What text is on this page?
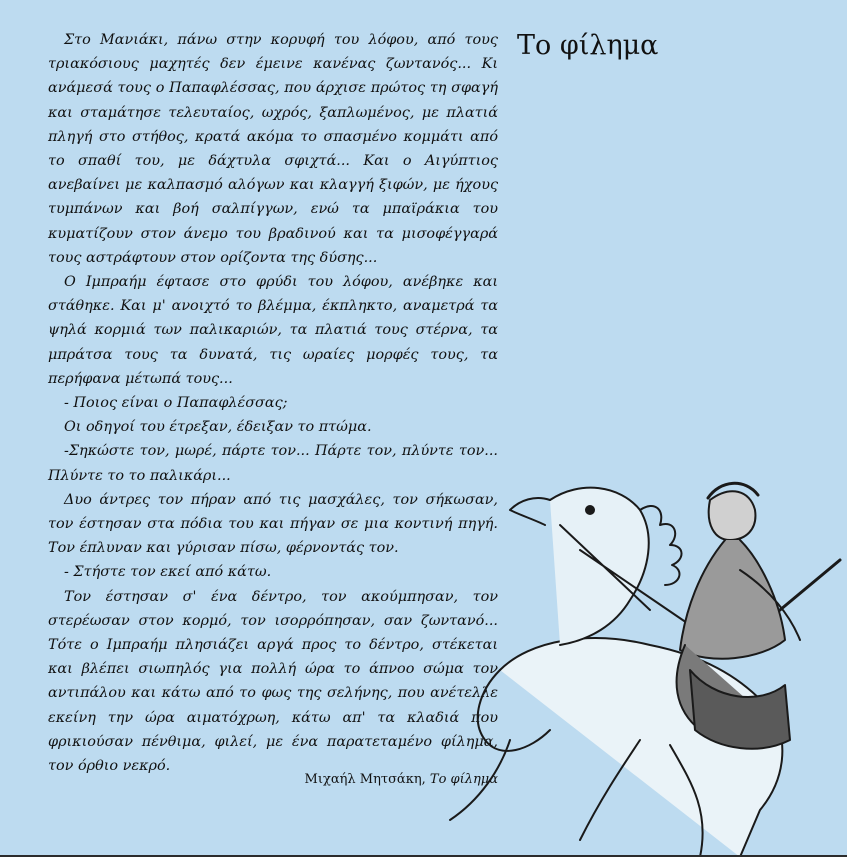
Στο Μανιάκι, πάνω στην κορυφή του λόφου, από τους τριακόσιους μαχητές δεν έμεινε κανένας ζωντανός... Κι ανάμεσά τους ο Παπαφλέσσας, που άρχισε πρώτος τη σφαγή και σταμάτησε τελευταίος, ωχρός, ξαπλωμένος, με πλατιά πληγή στο στήθος, κρατά ακόμα το σπασμένο κομμάτι από το σπαθί του, με δάχτυλα σφιχτά... Και ο Αιγύπτιος ανεβαίνει με καλπασμό αλόγων και κλαγγή ξιφών, με ήχους τυμπάνων και βοή σαλπίγγων, ενώ τα μπαϊράκια του κυματίζουν στον άνεμο του βραδινού και τα μισοφέγγαρά τους αστράφτουν στον ορίζοντα της δύσης...

Ο Ιμπραήμ έφτασε στο φρύδι του λόφου, ανέβηκε και στάθηκε. Και μ' ανοιχτό το βλέμμα, έκπληκτο, αναμετρά τα ψηλά κορμιά των παλικαριών, τα πλατιά τους στέρνα, τα μπράτσα τους τα δυνατά, τις ωραίες μορφές τους, τα περήφανα μέτωπά τους...

- Ποιος είναι ο Παπαφλέσσας;

Οι οδηγοί του έτρεξαν, έδειξαν το πτώμα.

-Σηκώστε τον, μωρέ, πάρτε τον... Πάρτε τον, πλύντε τον... Πλύντε το το παλικάρι...

Δυο άντρες τον πήραν από τις μασχάλες, τον σήκωσαν, τον έστησαν στα πόδια του και πήγαν σε μια κοντινή πηγή. Τον έπλυναν και γύρισαν πίσω, φέρνοντάς τον.

- Στήστε τον εκεί από κάτω.

Τον έστησαν σ' ένα δέντρο, τον ακούμπησαν, τον στερέωσαν στον κορμό, τον ισορρόπησαν, σαν ζωντανό... Τότε ο Ιμπραήμ πλησιάζει αργά προς το δέντρο, στέκεται και βλέπει σιωπηλός για πολλή ώρα το άπνοο σώμα τον αντιπάλου και κάτω από το φως της σελήνης, που ανέτελλε εκείνη την ώρα αιματόχρωη, κάτω απ' τα κλαδιά που φρικιούσαν πένθιμα, φιλεί, με ένα παρατεταμένο φίλημα, τον όρθιο νεκρό.

Μιχαήλ Μητσάκη, Το φίλημα
Το φίλημα
